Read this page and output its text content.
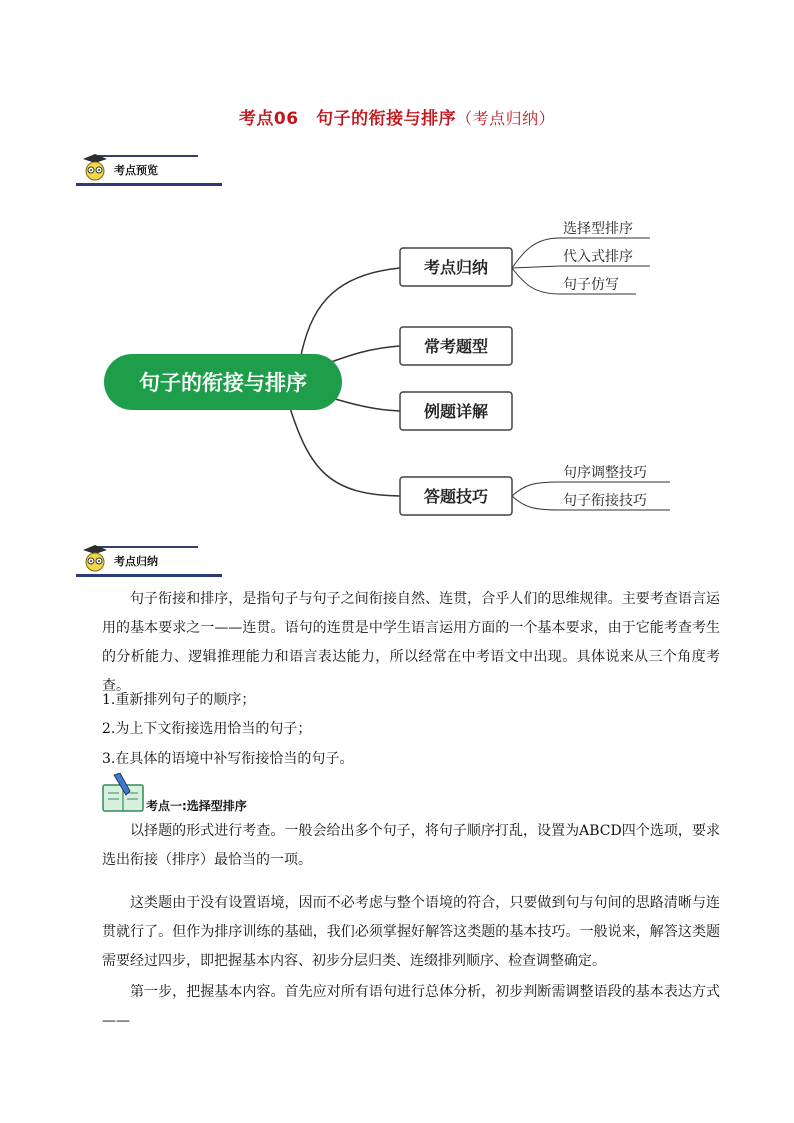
考点06　句子的衔接与排序（考点归纳）
考点预览
句子的衔接与排序
考点归纳
常考题型
例题详解
答题技巧
选择型排序
代入式排序
句子仿写
句序调整技巧
句子衔接技巧
考点归纳
句子衔接和排序，是指句子与句子之间衔接自然、连贯，合乎人们的思维规律。主要考查语言运用的基本要求之一——连贯。语句的连贯是中学生语言运用方面的一个基本要求，由于它能考查考生的分析能力、逻辑推理能力和语言表达能力，所以经常在中考语文中出现。具体说来从三个角度考查。
1.重新排列句子的顺序；
2.为上下文衔接选用恰当的句子；
3.在具体的语境中补写衔接恰当的句子。
考点一:选择型排序
以择题的形式进行考查。一般会给出多个句子，将句子顺序打乱，设置为ABCD四个选项，要求选出衔接（排序）最恰当的一项。
这类题由于没有设置语境，因而不必考虑与整个语境的符合，只要做到句与句间的思路清晰与连贯就行了。但作为排序训练的基础，我们必须掌握好解答这类题的基本技巧。一般说来，解答这类题需要经过四步，即把握基本内容、初步分层归类、连缀排列顺序、检查调整确定。
第一步，把握基本内容。首先应对所有语句进行总体分析，初步判断需调整语段的基本表达方式——
